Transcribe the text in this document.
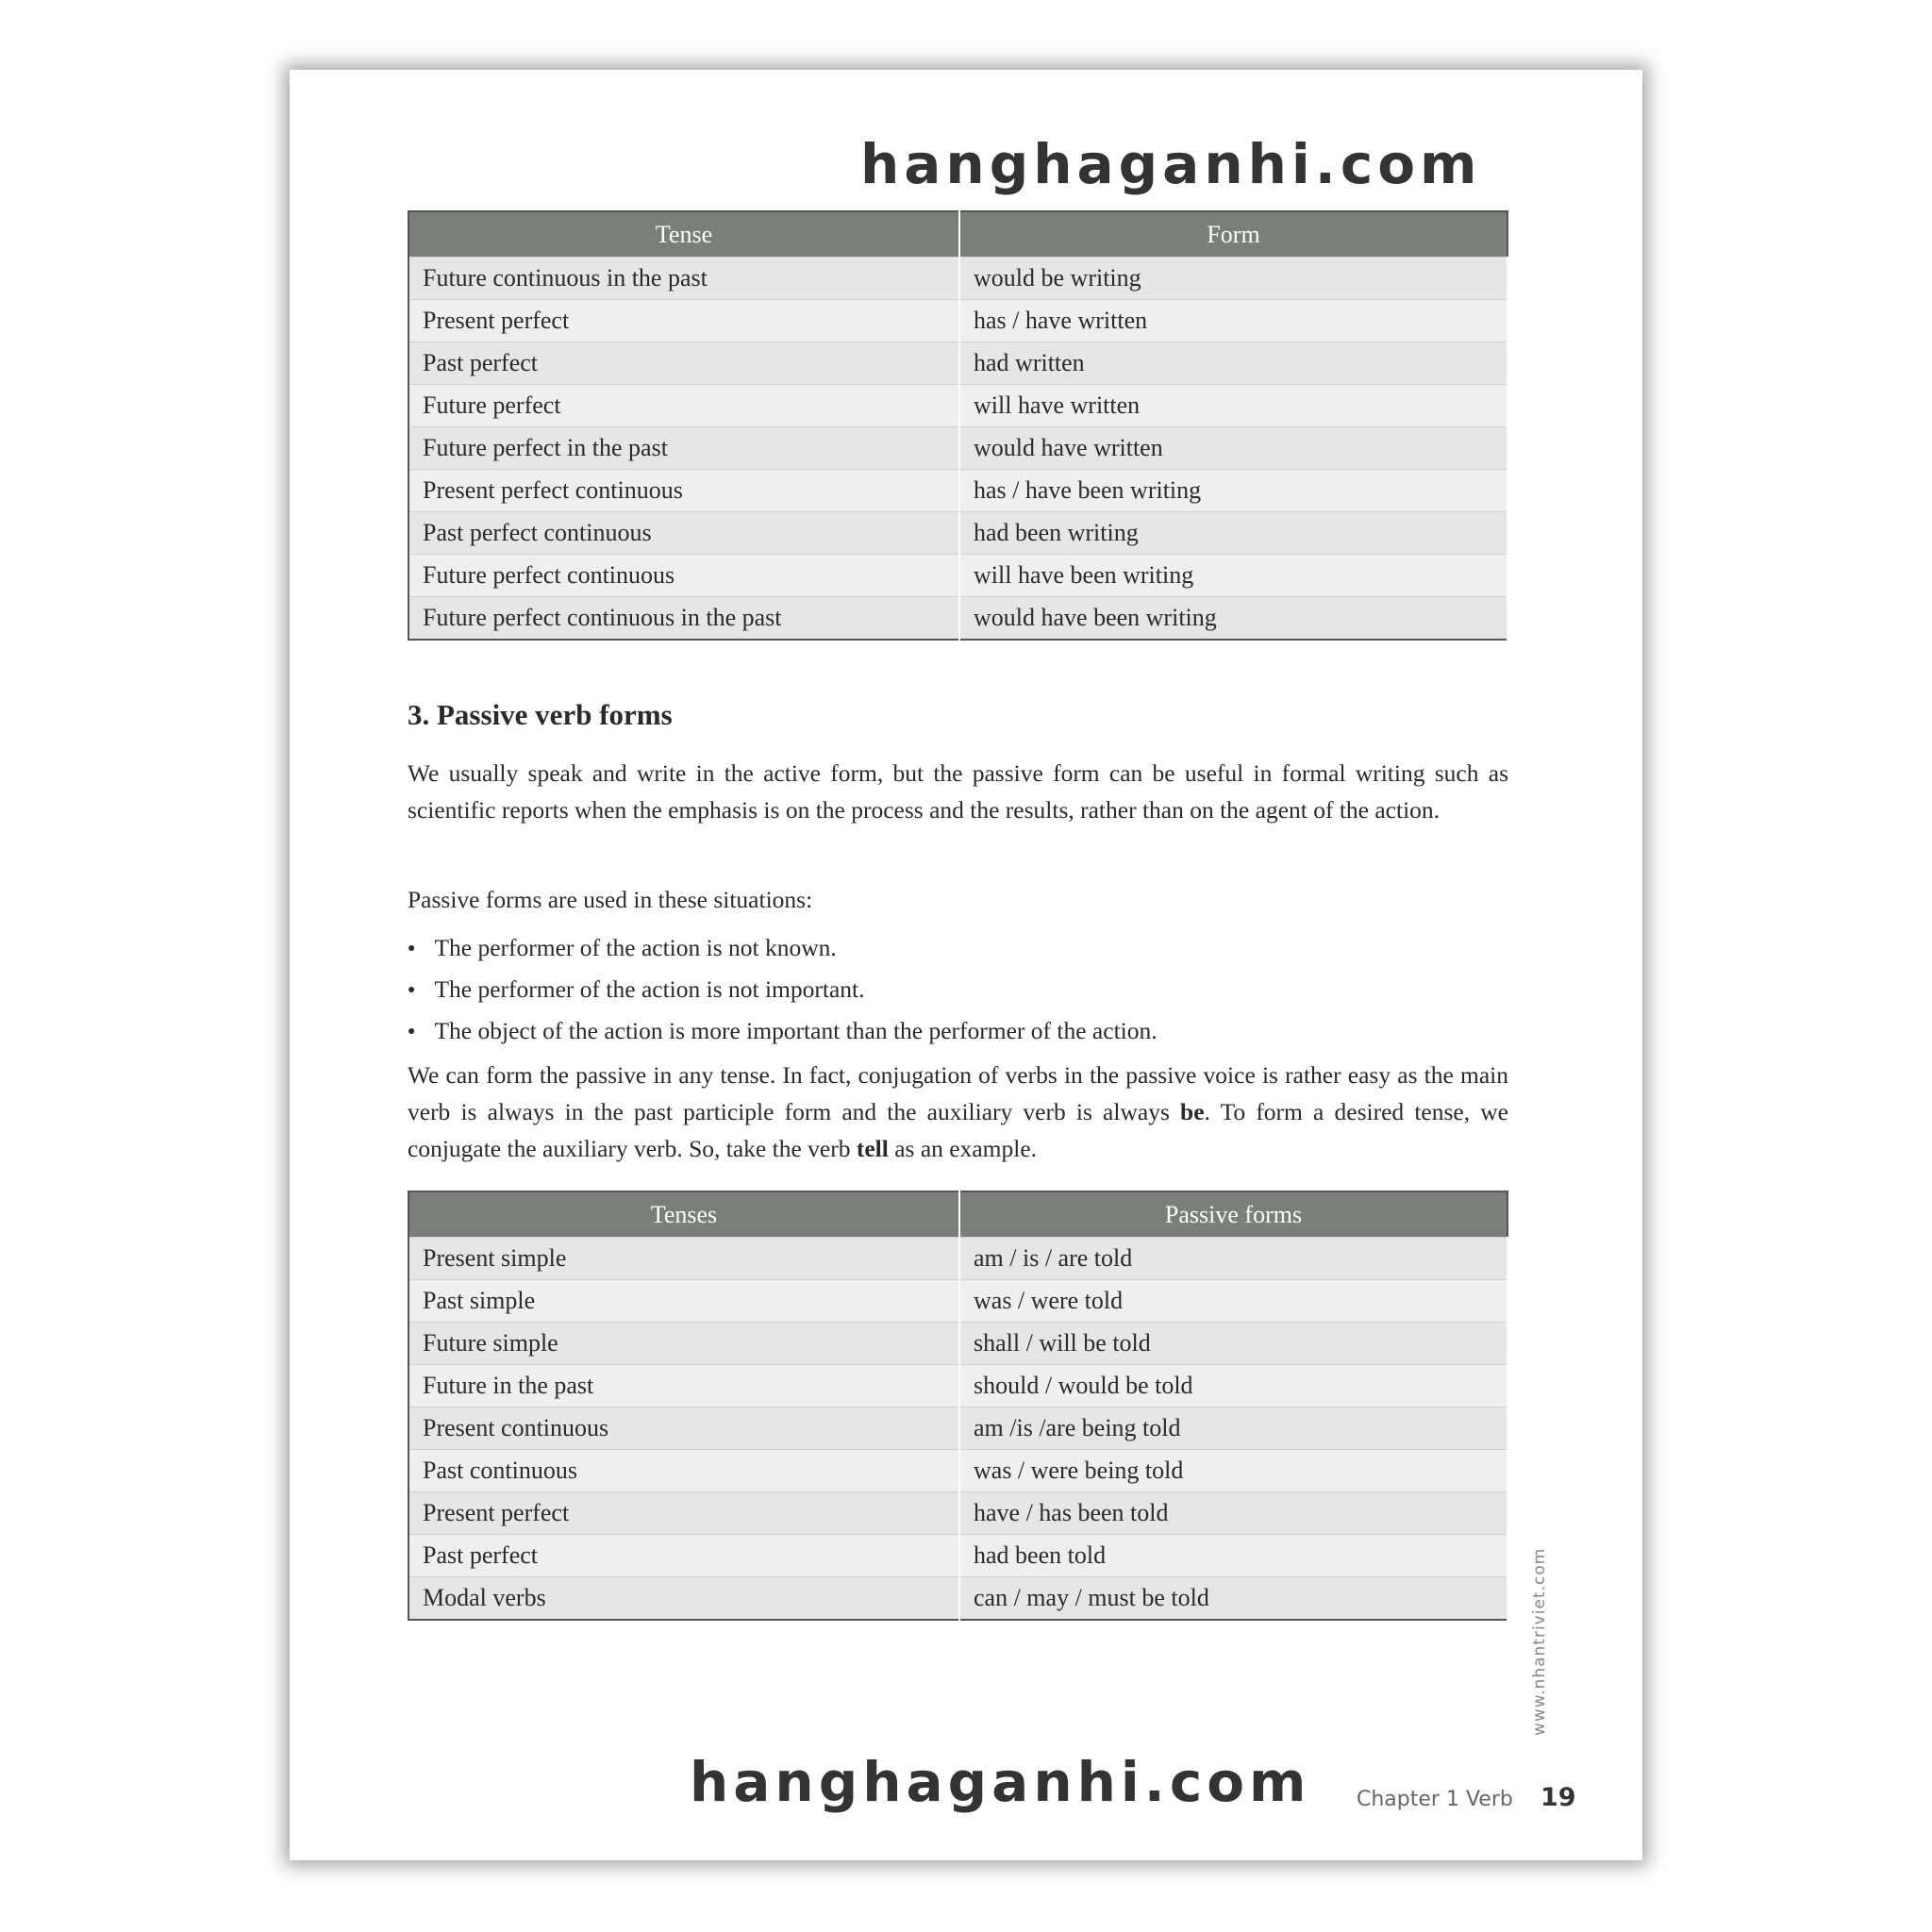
hanghaganhi.com
Tense	Form
Future continuous in the past	would be writing
Present perfect	has / have written
Past perfect	had written
Future perfect	will have written
Future perfect in the past	would have written
Present perfect continuous	has / have been writing
Past perfect continuous	had been writing
Future perfect continuous	will have been writing
Future perfect continuous in the past	would have been writing
3. Passive verb forms
We usually speak and write in the active form, but the passive form can be useful in formal writing such as scientific reports when the emphasis is on the process and the results, rather than on the agent of the action.
Passive forms are used in these situations:
● The performer of the action is not known.
● The performer of the action is not important.
● The object of the action is more important than the performer of the action.
We can form the passive in any tense. In fact, conjugation of verbs in the passive voice is rather easy as the main verb is always in the past participle form and the auxiliary verb is always be. To form a desired tense, we conjugate the auxiliary verb. So, take the verb tell as an example.
Tenses	Passive forms
Present simple	am / is / are told
Past simple	was / were told
Future simple	shall / will be told
Future in the past	should / would be told
Present continuous	am /is /are being told
Past continuous	was / were being told
Present perfect	have / has been told
Past perfect	had been told
Modal verbs	can / may / must be told	www.nhantriviet.com
hanghaganhi.com Chapter 1 Verb 19
